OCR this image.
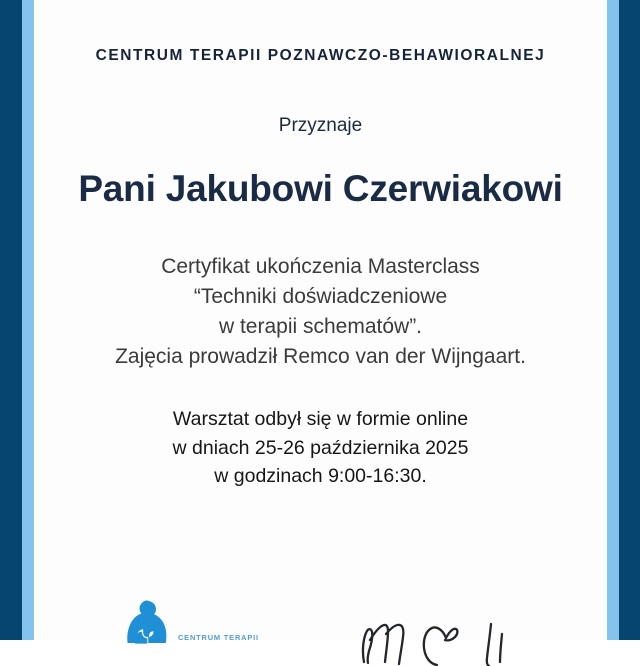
CENTRUM TERAPII POZNAWCZO-BEHAWIORALNEJ
Przyznaje
Pani Jakubowi Czerwiakowi
Certyfikat ukończenia Masterclass
“Techniki doświadczeniowe
w terapii schematów”.
Zajęcia prowadził Remco van der Wijngaart.
Warsztat odbył się w formie online
w dniach 25-26 października 2025
w godzinach 9:00-16:30.
CENTRUM TERAPII
